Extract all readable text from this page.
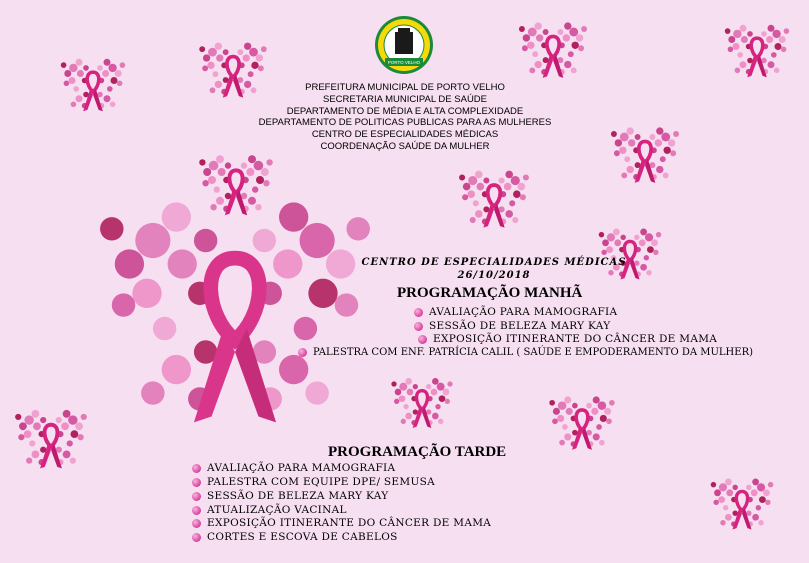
PORTO VELHO
PREFEITURA MUNICIPAL DE PORTO VELHO
SECRETARIA MUNICIPAL DE SAÚDE
DEPARTAMENTO DE MÉDIA E ALTA COMPLEXIDADE
DEPARTAMENTO DE POLITICAS PUBLICAS PARA AS MULHERES
CENTRO DE ESPECIALIDADES MÉDICAS
COORDENAÇÃO SAÚDE DA MULHER
CENTRO DE ESPECIALIDADES MÉDICAS
26/10/2018
PROGRAMAÇÃO MANHÃ
AVALIAÇÃO PARA MAMOGRAFIA
SESSÃO DE BELEZA MARY KAY
EXPOSIÇÃO ITINERANTE DO CÂNCER DE MAMA
PALESTRA COM ENF. PATRÍCIA CALIL ( SAÚDE E EMPODERAMENTO DA MULHER)
PROGRAMAÇÃO TARDE
AVALIAÇÃO PARA MAMOGRAFIA
PALESTRA COM EQUIPE DPE/ SEMUSA
SESSÃO DE BELEZA MARY KAY
ATUALIZAÇÃO VACINAL
EXPOSIÇÃO ITINERANTE DO CÂNCER DE MAMA
CORTES E ESCOVA DE CABELOS
